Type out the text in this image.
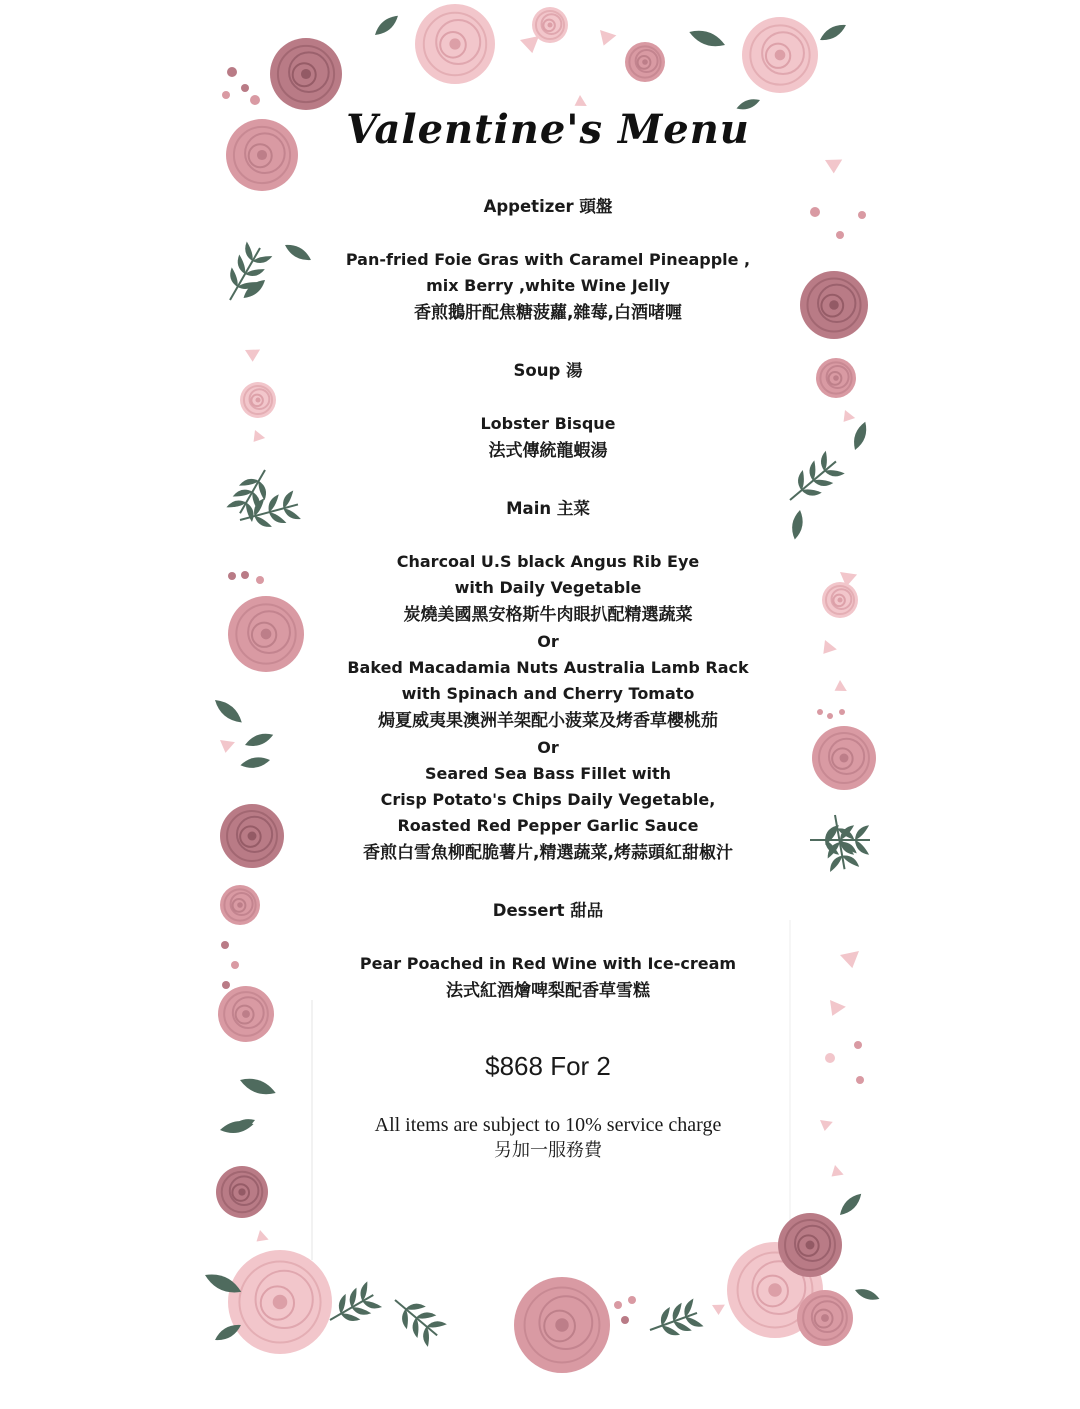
Valentine's Menu
Appetizer 頭盤
Pan-fried Foie Gras with Caramel Pineapple ,
mix Berry ,white Wine Jelly
香煎鵝肝配焦糖菠蘿,雜莓,白酒啫喱
Soup 湯
Lobster Bisque
法式傳統龍蝦湯
Main 主菜
Charcoal U.S black Angus Rib Eye
with Daily Vegetable
炭燒美國黑安格斯牛肉眼扒配精選蔬菜
Or
Baked Macadamia Nuts Australia Lamb Rack
with Spinach and Cherry Tomato
焗夏威夷果澳洲羊架配小菠菜及烤香草櫻桃茄
Or
Seared Sea Bass Fillet with
Crisp Potato's Chips Daily Vegetable,
Roasted Red Pepper Garlic Sauce
香煎白雪魚柳配脆薯片,精選蔬菜,烤蒜頭紅甜椒汁
Dessert 甜品
Pear Poached in Red Wine with Ice-cream
法式紅酒燴啤梨配香草雪糕
$868 For 2
All items are subject to 10% service charge
另加一服務費
